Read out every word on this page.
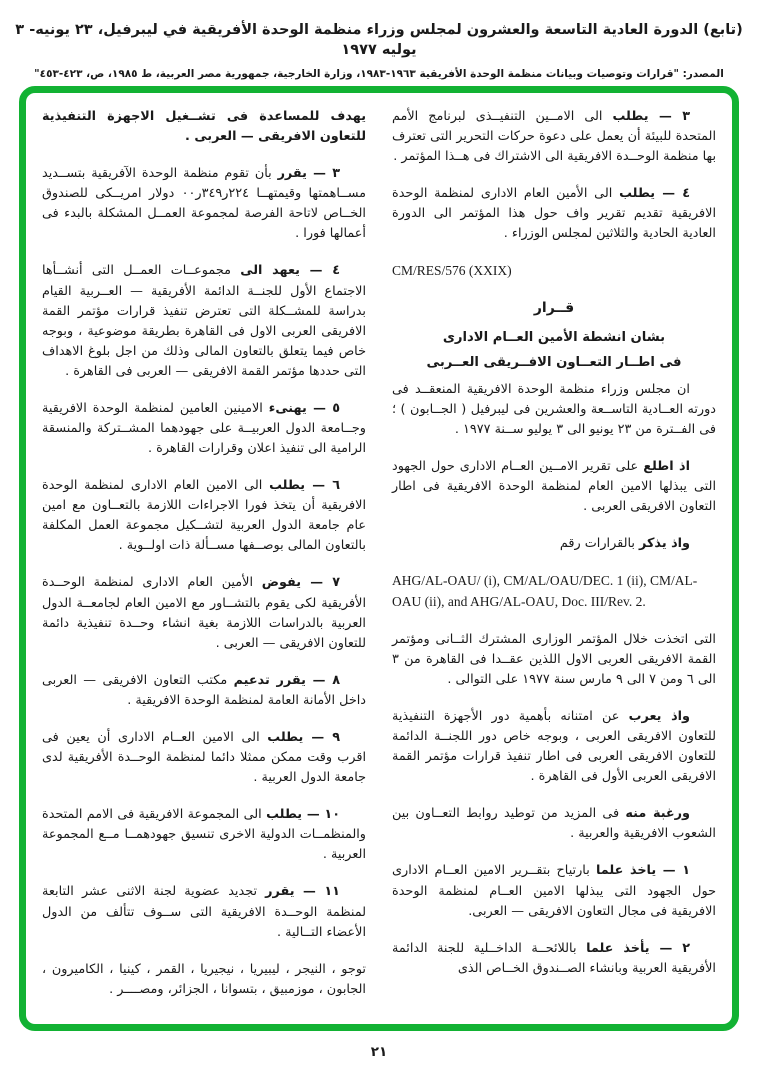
(تابع) الدورة العادية التاسعة والعشرون لمجلس وزراء منظمة الوحدة الأفريقية في ليبرفيل، ٢٣ يونيه- ٣ يوليه ١٩٧٧
المصدر: "قرارات وتوصيات وبيانات منظمة الوحدة الأفريقية ١٩٦٣-١٩٨٣، وزارة الخارجية، جمهورية مصر العربية، ط ١٩٨٥، ص، ٤٢٣-٤٥٣"
٣ — يطلب الى الامــين التنفيــذى لبرنامج الأمم المتحدة للبيئة أن يعمل على دعوة حركات التحرير التى تعترف بها منظمة الوحــدة الافريقية الى الاشتراك فى هــذا المؤتمر .
٤ — يطلب الى الأمين العام الادارى لمنظمة الوحدة الافريقية تقديم تقرير واف حول هذا المؤتمر الى الدورة العادية الحادية والثلاثين لمجلس الوزراء .
CM/RES/576 (XXIX)
قــرار
بشان انشطة الأمين العــام الادارى
فى اطــار التعــاون الافــريقى العــربى
ان مجلس وزراء منظمة الوحدة الافريقية المنعقــد فى دورته العــادية التاســعة والعشرين فى ليبرفيل ( الجــابون ) ؛ فى الفــترة من ٢٣ يونيو الى ٣ يوليو ســنة ١٩٧٧ .
اذ اطلع على تقرير الامــين العــام الادارى حول الجهود التى يبذلها الامين العام لمنظمة الوحدة الافريقية فى اطار التعاون الافريقى العربى .
واذ يذكر بالقرارات رقم
AHG/AL-OAU/ (i), CM/AL/OAU/DEC. 1 (ii), CM/AL-OAU (ii), and AHG/AL-OAU, Doc. III/Rev. 2.
التى اتخذت خلال المؤتمر الوزارى المشترك الثــانى ومؤتمر القمة الافريقى العربى الاول اللذين عقــدا فى القاهرة من ٣ الى ٦ ومن ٧ الى ٩ مارس سنة ١٩٧٧ على التوالى .
واذ يعرب عن امتنانه بأهمية دور الأجهزة التنفيذية للتعاون الافريقى العربى ، وبوجه خاص دور اللجنــة الدائمة للتعاون الافريقى العربى فى اطار تنفيذ قرارات مؤتمر القمة الافريقى العربى الأول فى القاهرة .
ورغبة منه فى المزيد من توطيد روابط التعــاون بين الشعوب الافريقية والعربية .
١ — ياخذ علما بارتياح بتقــرير الامين العــام الادارى حول الجهود التى يبذلها الامين العــام لمنظمة الوحدة الافريقية فى مجال التعاون الافريقى — العربى.
٢ — يأخذ علما باللائحــة الداخــلية للجنة الدائمة الأفريقية العربية وبانشاء الصــندوق الخــاص الذى
يهدف للمساعدة فى تشــغيل الاجهزة التنفيذية للتعاون الافريقى — العربى .
٣ — يقرر بأن تقوم منظمة الوحدة الآفريقية بتســديد مســاهمتها وقيمتهــا ٢٢٤ر٣٤٩ر٠٠ دولار امريــكى للصندوق الخــاص لاتاحة الفرصة لمجموعة العمــل المشكلة بالبدء فى أعمالها فورا .
٤ — يعهد الى مجموعــات العمــل التى أنشــأها الاجتماع الأول للجنــة الدائمة الأفريقية — العــربية القيام بدراسة للمشــكلة التى تعترض تنفيذ قرارات مؤتمر القمة الافريقى العربى الاول فى القاهرة بطريقة موضوعية ، وبوجه خاص فيما يتعلق بالتعاون المالى وذلك من اجل بلوغ الاهداف التى حددها مؤتمر القمة الافريقى — العربى فى القاهرة .
٥ — يهنىء الامينين العامين لمنظمة الوحدة الافريقية وجــامعة الدول العربيــة على جهودهما المشــتركة والمنسقة الرامية الى تنفيذ اعلان وقرارات القاهرة .
٦ — يطلب الى الامين العام الادارى لمنظمة الوحدة الافريقية أن يتخذ فورا الاجراءات اللازمة بالتعــاون مع امين عام جامعة الدول العربية لتشــكيل مجموعة العمل المكلفة بالتعاون المالى بوصــفها مســألة ذات اولــوية .
٧ — يفوض الأمين العام الادارى لمنظمة الوحــدة الأفريقية لكى يقوم بالتشــاور مع الامين العام لجامعــة الدول العربية بالدراسات اللازمة بغية انشاء وحــدة تنفيذية دائمة للتعاون الافريقى — العربى .
٨ — يقرر تدعيم مكتب التعاون الافريقى — العربى داخل الأمانة العامة لمنظمة الوحدة الافريقية .
٩ — يطلب الى الامين العــام الادارى أن يعين فى اقرب وقت ممكن ممثلا دائما لمنظمة الوحــدة الأفريقية لدى جامعة الدول العربية .
١٠ — يطلب الى المجموعة الافريقية فى الامم المتحدة والمنظمــات الدولية الاخرى تنسيق جهودهمــا مــع المجموعة العربية .
١١ — يقرر تجديد عضوية لجنة الاثنى عشر التابعة لمنظمة الوحــدة الافريقية التى ســوف تتألف من الدول الأعضاء التــالية .
توجو ، النيجر ، ليبيريا ، نيجيريا ، القمر ، كينيا ، الكاميرون ، الجابون ، موزمبيق ، بتسوانا ، الجزائر، ومصــــر .
٢١
